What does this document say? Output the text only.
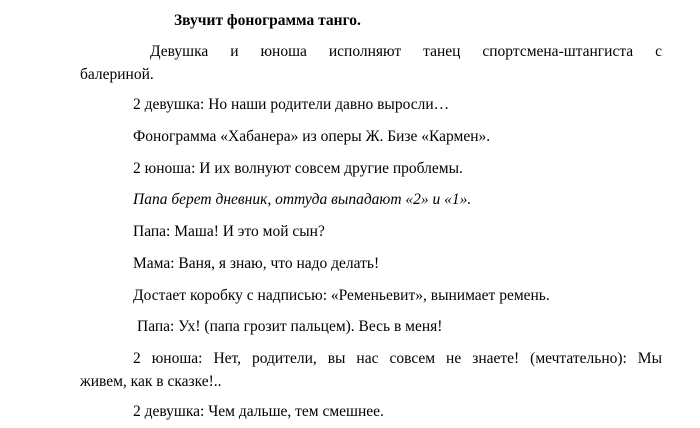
Звучит фонограмма танго.
Девушка и юноша исполняют танец спортсмена-штангиста с
балериной.
2 девушка: Но наши родители давно выросли…
Фонограмма «Хабанера» из оперы Ж. Бизе «Кармен».
2 юноша: И их волнуют совсем другие проблемы.
Папа берет дневник, оттуда выпадают «2» и «1».
Папа: Маша! И это мой сын?
Мама: Ваня, я знаю, что надо делать!
Достает коробку с надписью: «Ременьевит», вынимает ремень.
Папа: Ух! (папа грозит пальцем). Весь в меня!
2 юноша: Нет, родители, вы нас совсем не знаете! (мечтательно): Мы
живем, как в сказке!..
2 девушка: Чем дальше, тем смешнее.
